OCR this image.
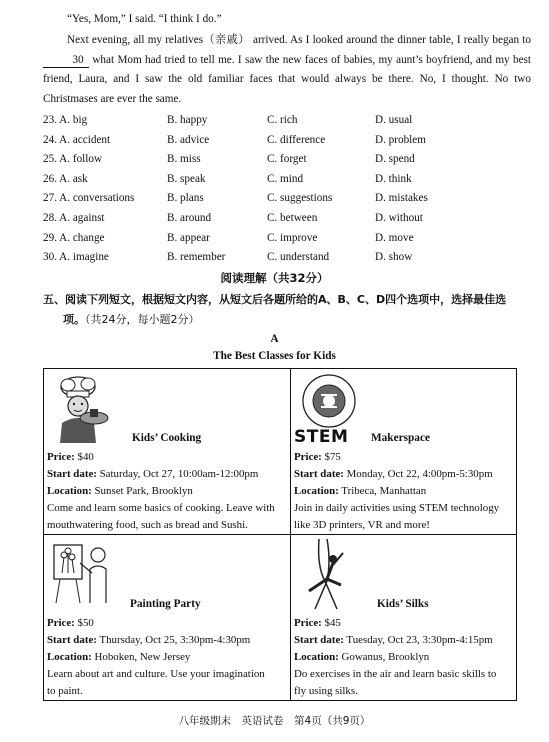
“Yes, Mom,” I said. “I think I do.”
Next evening, all my relatives（亲戚） arrived. As I looked around the dinner table, I really began to 30 what Mom had tried to tell me. I saw the new faces of babies, my aunt’s boyfriend, and my best friend, Laura, and I saw the old familiar faces that would always be there. No, I thought. No two Christmases are ever the same.
23. A. big	B. happy	C. rich	D. usual
24. A. accident	B. advice	C. difference	D. problem
25. A. follow	B. miss	C. forget	D. spend
26. A. ask	B. speak	C. mind	D. think
27. A. conversations	B. plans	C. suggestions	D. mistakes
28. A. against	B. around	C. between	D. without
29. A. change	B. appear	C. improve	D. move
30. A. imagine	B. remember	C. understand	D. show
阅读理解（共32分）
五、阅读下列短文，根据短文内容，从短文后各题所给的A、B、C、D四个选项中，选择最佳选
项。（共24分，每小题2分）
A
The Best Classes for Kids
Kids’ Cooking
Price: $40
Start date: Saturday, Oct 27, 10:00am-12:00pm
Location: Sunset Park, Brooklyn
Come and learn some basics of cooking. Leave with
mouthwatering food, such as bread and Sushi.
STEM Makerspace
Price: $75
Start date: Monday, Oct 22, 4:00pm-5:30pm
Location: Tribeca, Manhattan
Join in daily activities using STEM technology
like 3D printers, VR and more!
Painting Party
Price: $50
Start date: Thursday, Oct 25, 3:30pm-4:30pm
Location: Hoboken, New Jersey
Learn about art and culture. Use your imagination
to paint.
Kids’ Silks
Price: $45
Start date: Tuesday, Oct 23, 3:30pm-4:15pm
Location: Gowanus, Brooklyn
Do exercises in the air and learn basic skills to
fly using silks.
八年级期末　英语试卷　第4页（共9页）
